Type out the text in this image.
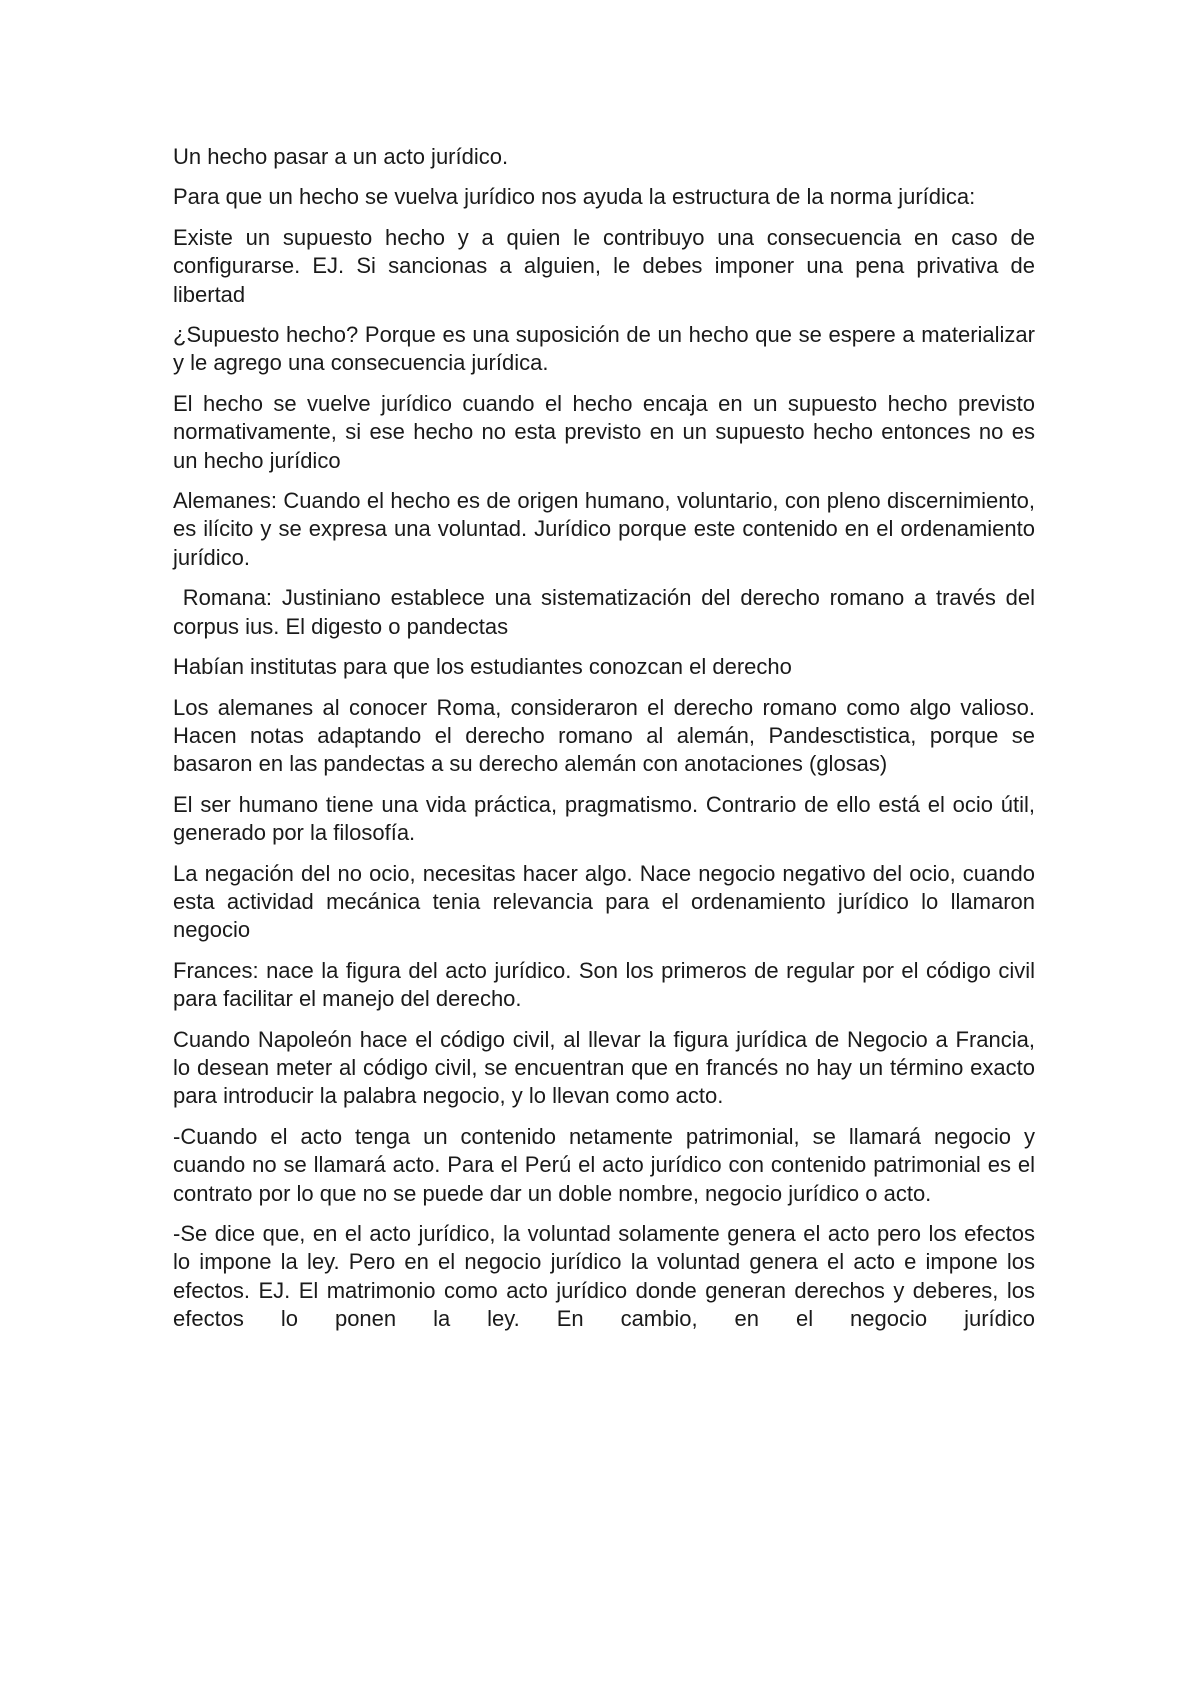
Un hecho pasar a un acto jurídico.

Para que un hecho se vuelva jurídico nos ayuda la estructura de la norma jurídica:

Existe un supuesto hecho y a quien le contribuyo una consecuencia en caso de configurarse. EJ. Si sancionas a alguien, le debes imponer una pena privativa de libertad

¿Supuesto hecho? Porque es una suposición de un hecho que se espere a materializar y le agrego una consecuencia jurídica.

El hecho se vuelve jurídico cuando el hecho encaja en un supuesto hecho previsto normativamente, si ese hecho no esta previsto en un supuesto hecho entonces no es un hecho jurídico

Alemanes: Cuando el hecho es de origen humano, voluntario, con pleno discernimiento, es ilícito y se expresa una voluntad. Jurídico porque este contenido en el ordenamiento jurídico.

Romana: Justiniano establece una sistematización del derecho romano a través del corpus ius. El digesto o pandectas

Habían institutas para que los estudiantes conozcan el derecho

Los alemanes al conocer Roma, consideraron el derecho romano como algo valioso. Hacen notas adaptando el derecho romano al alemán, Pandesctistica, porque se basaron en las pandectas a su derecho alemán con anotaciones (glosas)

El ser humano tiene una vida práctica, pragmatismo. Contrario de ello está el ocio útil, generado por la filosofía.

La negación del no ocio, necesitas hacer algo. Nace negocio negativo del ocio, cuando esta actividad mecánica tenia relevancia para el ordenamiento jurídico lo llamaron negocio

Frances: nace la figura del acto jurídico. Son los primeros de regular por el código civil para facilitar el manejo del derecho.

Cuando Napoleón hace el código civil, al llevar la figura jurídica de Negocio a Francia, lo desean meter al código civil, se encuentran que en francés no hay un término exacto para introducir la palabra negocio, y lo llevan como acto.

-Cuando el acto tenga un contenido netamente patrimonial, se llamará negocio y cuando no se llamará acto. Para el Perú el acto jurídico con contenido patrimonial es el contrato por lo que no se puede dar un doble nombre, negocio jurídico o acto.

-Se dice que, en el acto jurídico, la voluntad solamente genera el acto pero los efectos lo impone la ley. Pero en el negocio jurídico la voluntad genera el acto e impone los efectos. EJ. El matrimonio como acto jurídico donde generan derechos y deberes, los efectos lo ponen la ley. En cambio, en el negocio jurídico
